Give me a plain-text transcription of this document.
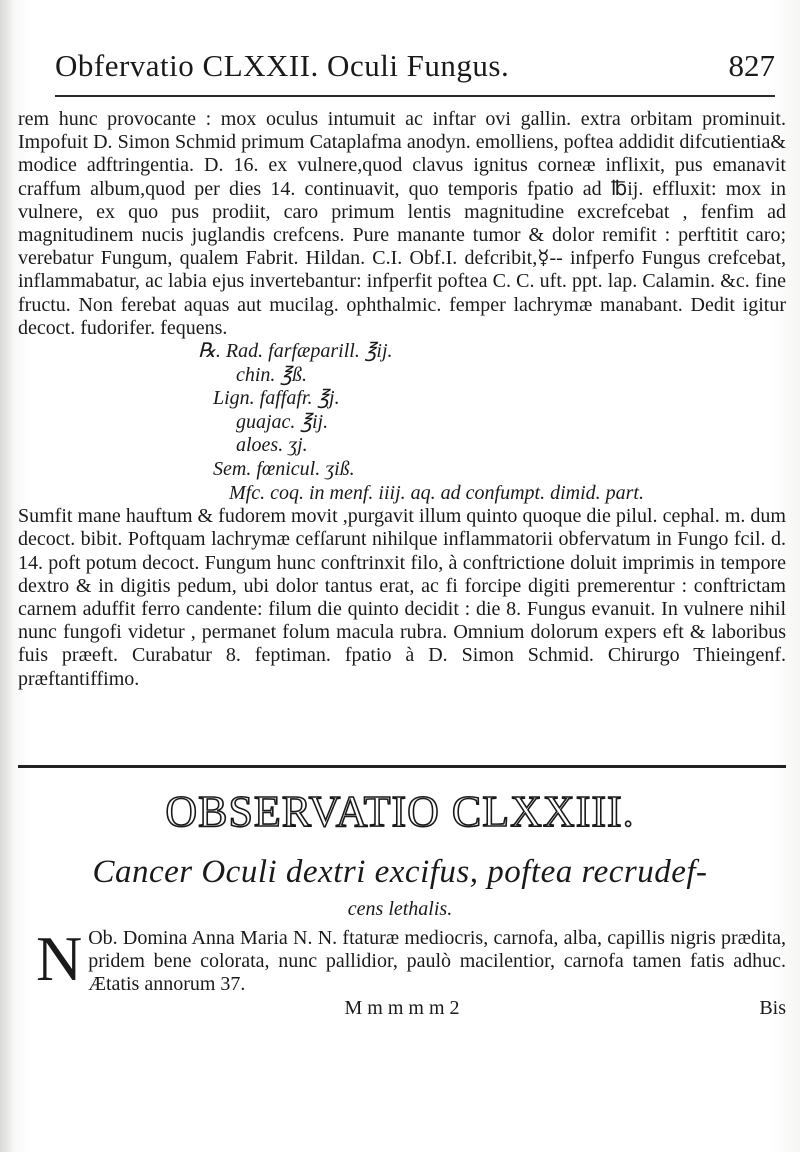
Obfervatio CLXXII. Oculi Fungus.	827

rem hunc provocante : mox oculus intumuit ac inftar ovi gallin. extra orbitam prominuit. Impofuit D. Simon Schmid primum Cataplafma anodyn. emolliens, poftea addidit difcutientia& modice adftringentia. D. 16. ex vulnere,quod clavus ignitus corneæ inflixit, pus emanavit craffum album,quod per dies 14. continuavit, quo temporis fpatio ad ℔ij. effluxit: mox in vulnere, ex quo pus prodiit, caro primum lentis magnitudine excrefcebat , fenfim ad magnitudinem nucis juglandis crefcens. Pure manante tumor & dolor remifit : perftitit caro; verebatur Fungum, qualem Fabrit. Hildan. C.I. Obf.I. defcribit,☿-- infperfo Fungus crefcebat, inflammabatur, ac labia ejus invertebantur: infperfit poftea C. C. uft. ppt. lap. Calamin. &c. fine fructu. Non ferebat aquas aut mucilag. ophthalmic. femper lachrymæ manabant. Dedit igitur decoct. fudorifer. fequens.

℞. Rad. farfæparill. ℥ij.
chin. ℥ß.
Lign. faffafr. ℥j.
guajac. ℥ij.
aloes. ʒj.
Sem. fœnicul. ʒiß.
Mfc. coq. in menf. iiij. aq. ad confumpt. dimid. part.

Sumfit mane hauftum & fudorem movit ,purgavit illum quinto quoque die pilul. cephal. m. dum decoct. bibit. Poftquam lachrymæ cefſarunt nihilque inflammatorii obfervatum in Fungo fcil. d. 14. poft potum decoct. Fungum hunc conftrinxit filo, à conftrictione doluit imprimis in tempore dextro & in digitis pedum, ubi dolor tantus erat, ac fi forcipe digiti premerentur : conftrictam carnem aduffit ferro candente: filum die quinto decidit : die 8. Fungus evanuit. In vulnere nihil nunc fungofi videtur , permanet folum macula rubra. Omnium dolorum expers eft & laboribus fuis præeft. Curabatur 8. feptiman. fpatio à D. Simon Schmid. Chirurgo Thieingenf. præftantiffimo.

OBSERVATIO CLXXIII.
Cancer Oculi dextri excifus, poftea recrudef-
cens lethalis.
N Ob. Domina Anna Maria N. N. ftaturæ mediocris, carnofa, alba, capillis nigris prædita, pridem bene colorata, nunc pallidior, paulò macilentior, carnofa tamen fatis adhuc. Ætatis annorum 37.
M m m m m 2	Bis
